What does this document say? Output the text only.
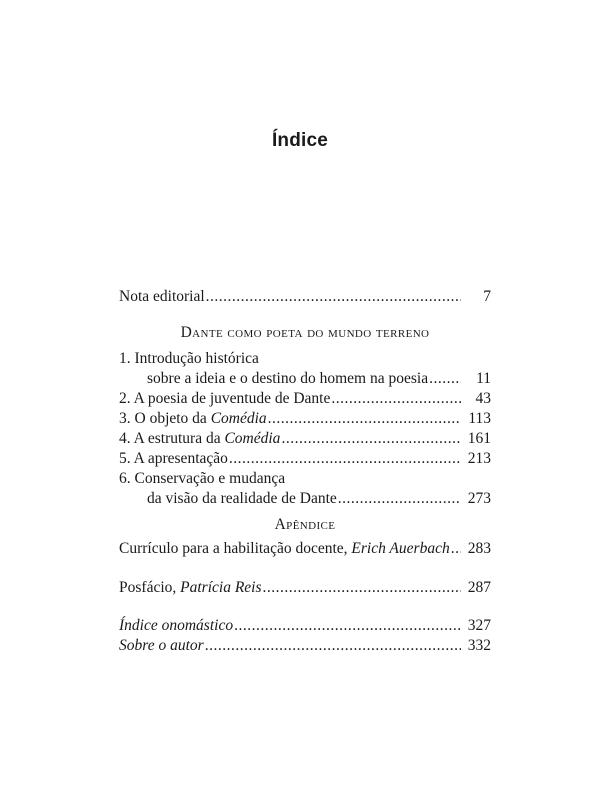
Índice
Nota editorial .....	7
Dante como poeta do mundo terreno
1. Introdução histórica
sobre a ideia e o destino do homem na poesia .....	11
2. A poesia de juventude de Dante .....	43
3. O objeto da Comédia .....	113
4. A estrutura da Comédia .....	161
5. A apresentação .....	213
6. Conservação e mudança
da visão da realidade de Dante .....	273
Apêndice
Currículo para a habilitação docente, Erich Auerbach .....	283
Posfácio, Patrícia Reis .....	287
Índice onomástico .....	327
Sobre o autor .....	332
